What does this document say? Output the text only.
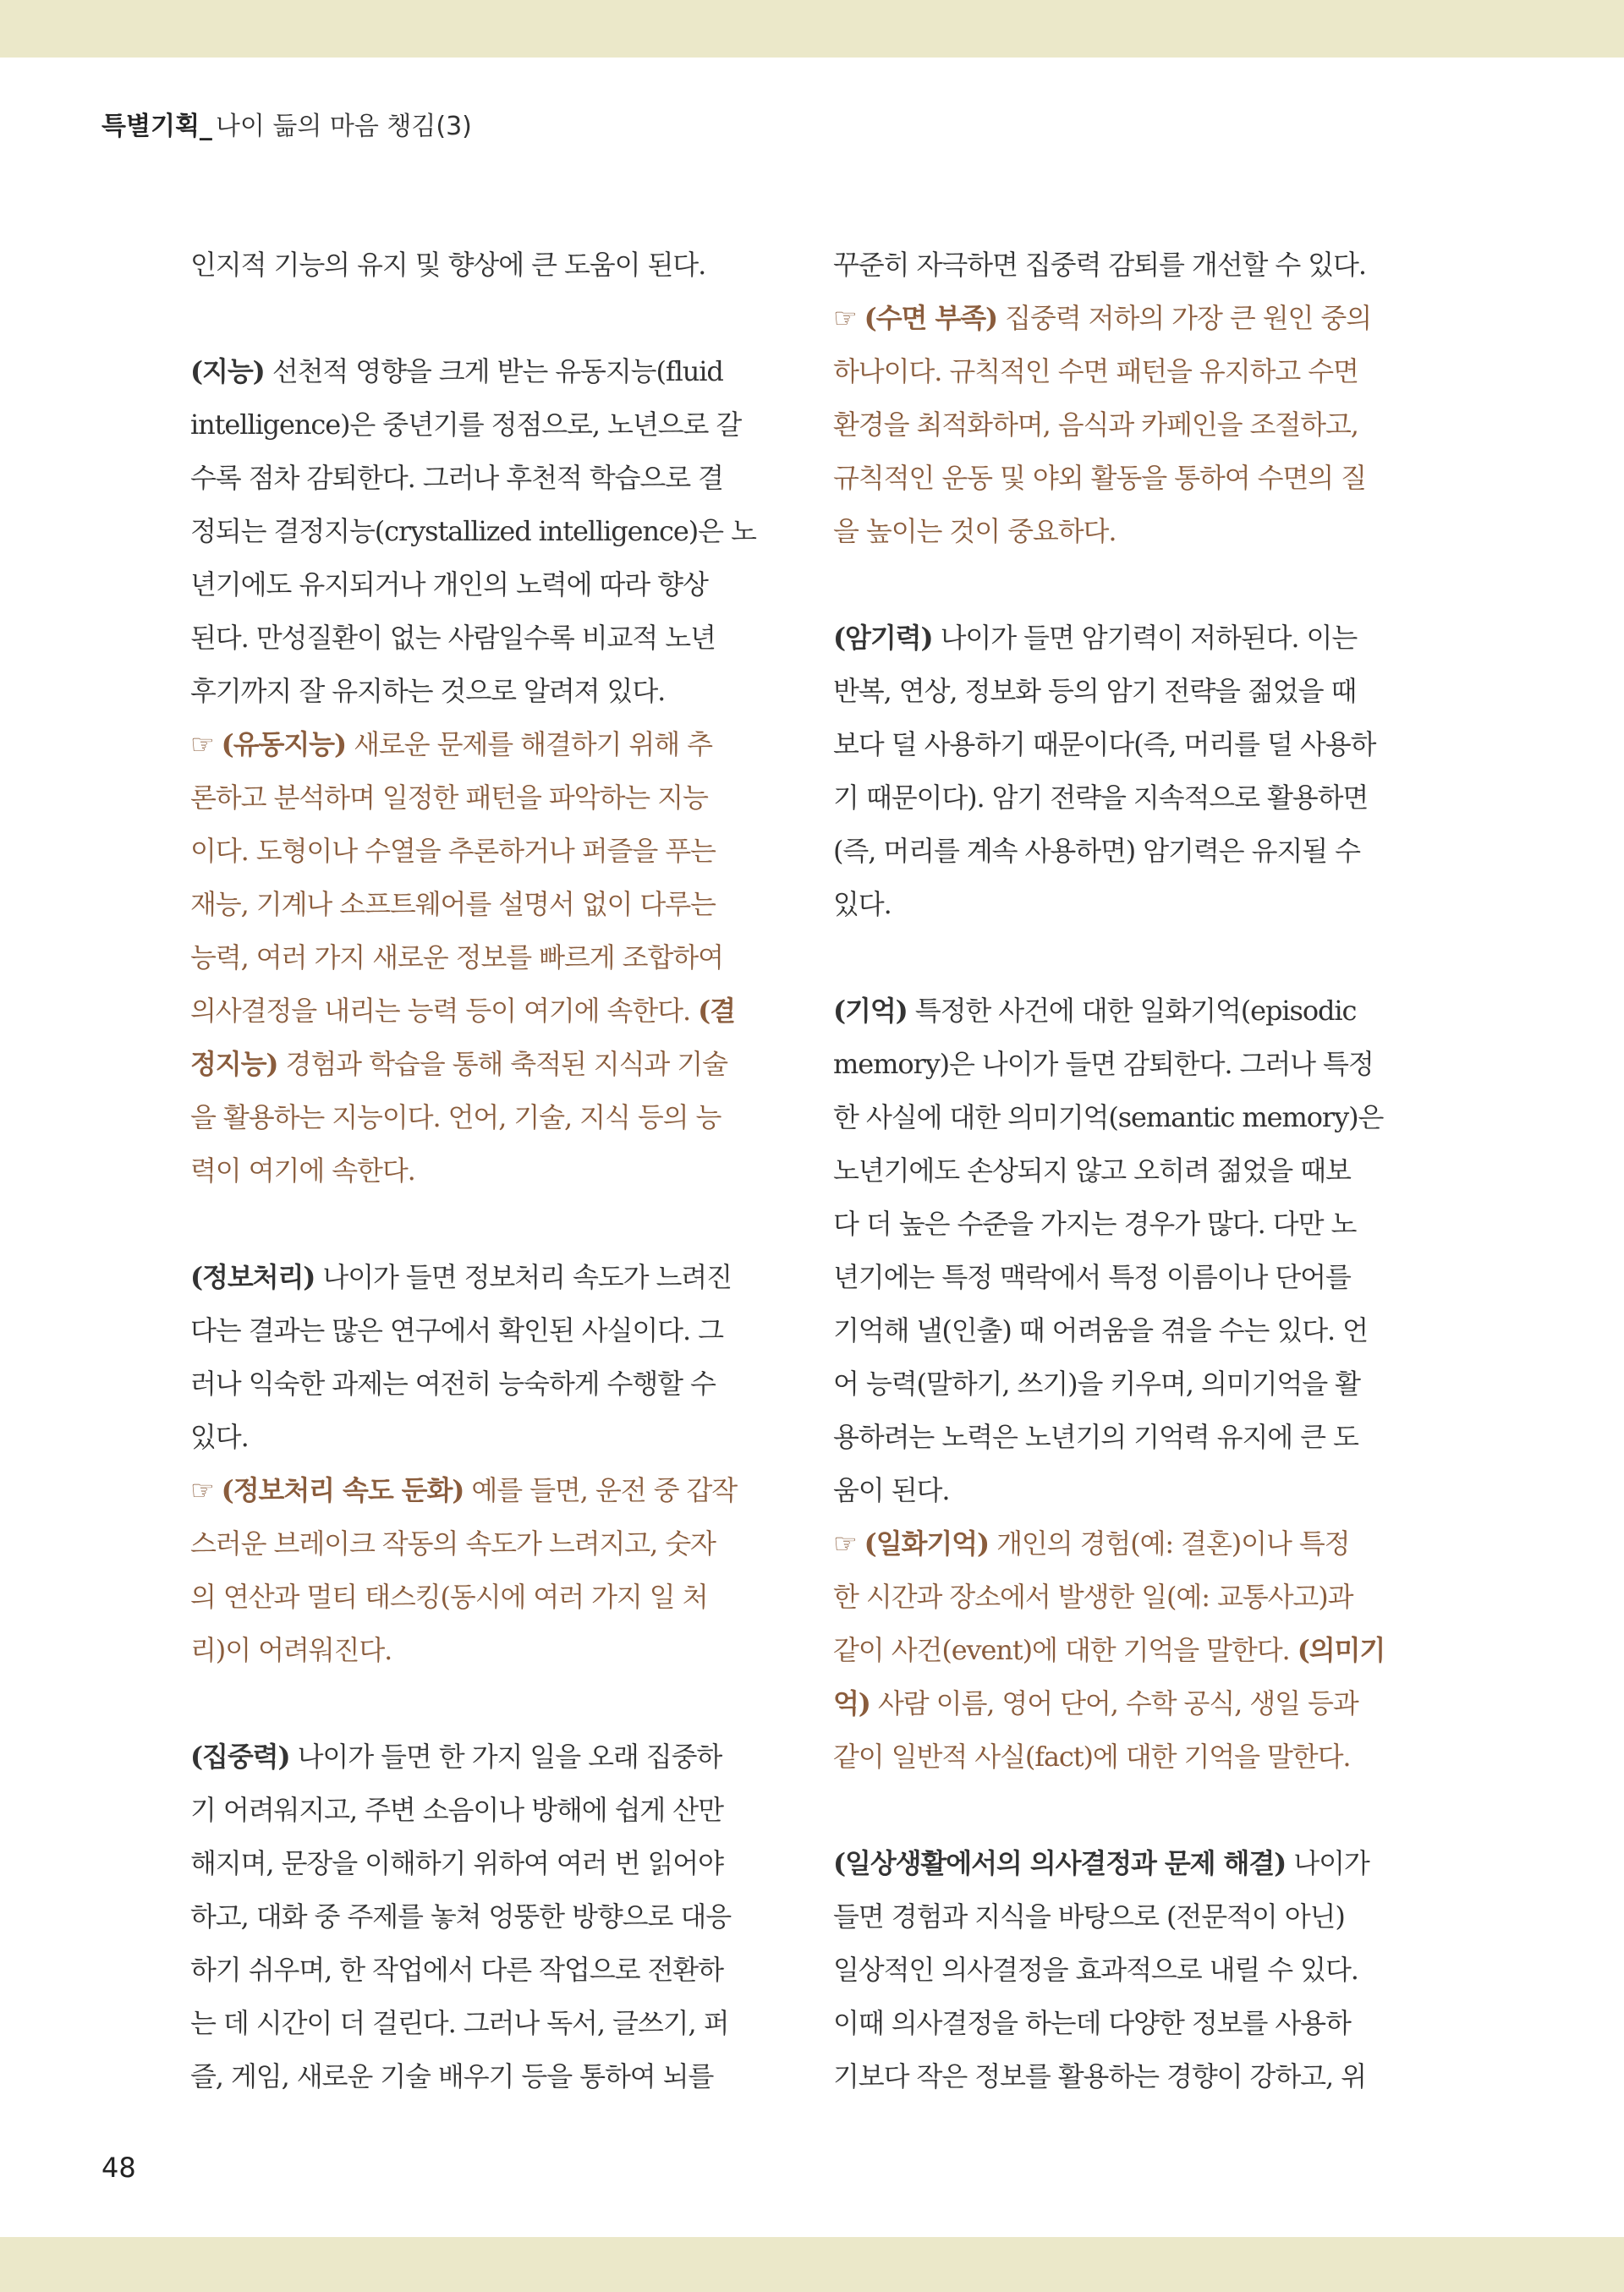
특별기획_ 나이 듦의 마음 챙김(3)
인지적 기능의 유지 및 향상에 큰 도움이 된다.
(지능) 선천적 영향을 크게 받는 유동지능(fluid
intelligence)은 중년기를 정점으로, 노년으로 갈
수록 점차 감퇴한다. 그러나 후천적 학습으로 결
정되는 결정지능(crystallized intelligence)은 노
년기에도 유지되거나 개인의 노력에 따라 향상
된다. 만성질환이 없는 사람일수록 비교적 노년
후기까지 잘 유지하는 것으로 알려져 있다.
☞ (유동지능) 새로운 문제를 해결하기 위해 추
론하고 분석하며 일정한 패턴을 파악하는 지능
이다. 도형이나 수열을 추론하거나 퍼즐을 푸는
재능, 기계나 소프트웨어를 설명서 없이 다루는
능력, 여러 가지 새로운 정보를 빠르게 조합하여
의사결정을 내리는 능력 등이 여기에 속한다. (결
정지능) 경험과 학습을 통해 축적된 지식과 기술
을 활용하는 지능이다. 언어, 기술, 지식 등의 능
력이 여기에 속한다.
(정보처리) 나이가 들면 정보처리 속도가 느려진
다는 결과는 많은 연구에서 확인된 사실이다. 그
러나 익숙한 과제는 여전히 능숙하게 수행할 수
있다.
☞ (정보처리 속도 둔화) 예를 들면, 운전 중 갑작
스러운 브레이크 작동의 속도가 느려지고, 숫자
의 연산과 멀티 태스킹(동시에 여러 가지 일 처
리)이 어려워진다.
(집중력) 나이가 들면 한 가지 일을 오래 집중하
기 어려워지고, 주변 소음이나 방해에 쉽게 산만
해지며, 문장을 이해하기 위하여 여러 번 읽어야
하고, 대화 중 주제를 놓쳐 엉뚱한 방향으로 대응
하기 쉬우며, 한 작업에서 다른 작업으로 전환하
는 데 시간이 더 걸린다. 그러나 독서, 글쓰기, 퍼
즐, 게임, 새로운 기술 배우기 등을 통하여 뇌를
꾸준히 자극하면 집중력 감퇴를 개선할 수 있다.
☞ (수면 부족) 집중력 저하의 가장 큰 원인 중의
하나이다. 규칙적인 수면 패턴을 유지하고 수면
환경을 최적화하며, 음식과 카페인을 조절하고,
규칙적인 운동 및 야외 활동을 통하여 수면의 질
을 높이는 것이 중요하다.
(암기력) 나이가 들면 암기력이 저하된다. 이는
반복, 연상, 정보화 등의 암기 전략을 젊었을 때
보다 덜 사용하기 때문이다(즉, 머리를 덜 사용하
기 때문이다). 암기 전략을 지속적으로 활용하면
(즉, 머리를 계속 사용하면) 암기력은 유지될 수
있다.
(기억) 특정한 사건에 대한 일화기억(episodic
memory)은 나이가 들면 감퇴한다. 그러나 특정
한 사실에 대한 의미기억(semantic memory)은
노년기에도 손상되지 않고 오히려 젊었을 때보
다 더 높은 수준을 가지는 경우가 많다. 다만 노
년기에는 특정 맥락에서 특정 이름이나 단어를
기억해 낼(인출) 때 어려움을 겪을 수는 있다. 언
어 능력(말하기, 쓰기)을 키우며, 의미기억을 활
용하려는 노력은 노년기의 기억력 유지에 큰 도
움이 된다.
☞ (일화기억) 개인의 경험(예: 결혼)이나 특정
한 시간과 장소에서 발생한 일(예: 교통사고)과
같이 사건(event)에 대한 기억을 말한다. (의미기
억) 사람 이름, 영어 단어, 수학 공식, 생일 등과
같이 일반적 사실(fact)에 대한 기억을 말한다.
(일상생활에서의 의사결정과 문제 해결) 나이가
들면 경험과 지식을 바탕으로 (전문적이 아닌)
일상적인 의사결정을 효과적으로 내릴 수 있다.
이때 의사결정을 하는데 다양한 정보를 사용하
기보다 작은 정보를 활용하는 경향이 강하고, 위
48
